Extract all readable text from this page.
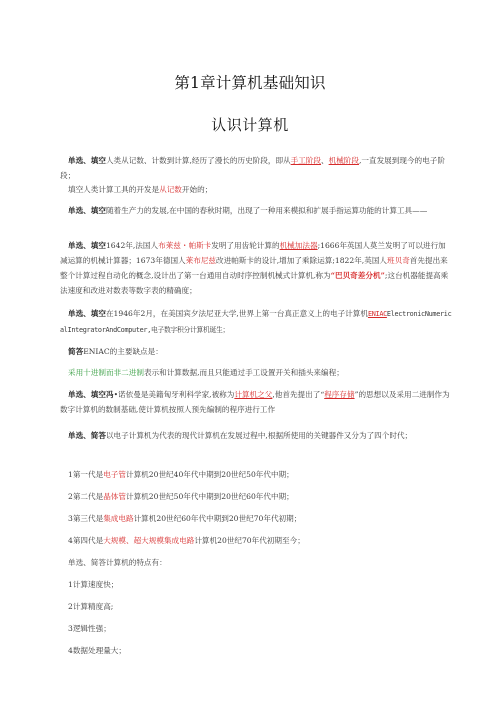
第1章计算机基础知识
认识计算机
单选、填空人类从记数、计数到计算,经历了漫长的历史阶段，即从手工阶段、机械阶段,一直发展到现今的电子阶段；
填空人类计算工具的开发是从记数开始的；
单选、填空随着生产力的发展,在中国的春秋时期，出现了一种用来模拟和扩展手指运算功能的计算工具——
单选、填空1642年,法国人布莱兹・帕斯卡发明了用齿轮计算的机械加法器;1666年英国人莫兰发明了可以进行加减运算的机械计算器；1673年德国人莱布尼兹改进帕斯卡的设计,增加了乘除运算;1822年,英国人班贝奇首先提出来整个计算过程自动化的概念,设计出了第一台通用自动时序控制机械式计算机,称为“巴贝奇差分机”;这台机器能提高乘法速度和改进对数表等数字表的精确度；
单选、填空在1946年2月，在美国宾夕法尼亚大学,世界上第一台真正意义上的电子计算机ENIACElectronicNumericalIntegratorAndComputer,电子数字积分计算机诞生；
简答ENIAC的主要缺点是：
采用十进制而非二进制表示和计算数据,而且只能通过手工设置开关和插头来编程；
单选、填空冯•诺依曼是美籍匈牙利科学家,被称为计算机之父,他首先提出了“程序存储”的思想以及采用二进制作为数字计算机的数制基础,使计算机按照人预先编制的程序进行工作
单选、简答以电子计算机为代表的现代计算机在发展过程中,根据所使用的关键器件又分为了四个时代；
1第一代是电子管计算机20世纪40年代中期到20世纪50年代中期；
2第二代是晶体管计算机20世纪50年代中期到20世纪60年代中期；
3第三代是集成电路计算机20世纪60年代中期到20世纪70年代初期；
4第四代是大规模、超大规模集成电路计算机20世纪70年代初期至今；
单选、简答计算机的特点有：
1计算速度快；
2计算精度高;
3逻辑性强；
4数据处理量大；
